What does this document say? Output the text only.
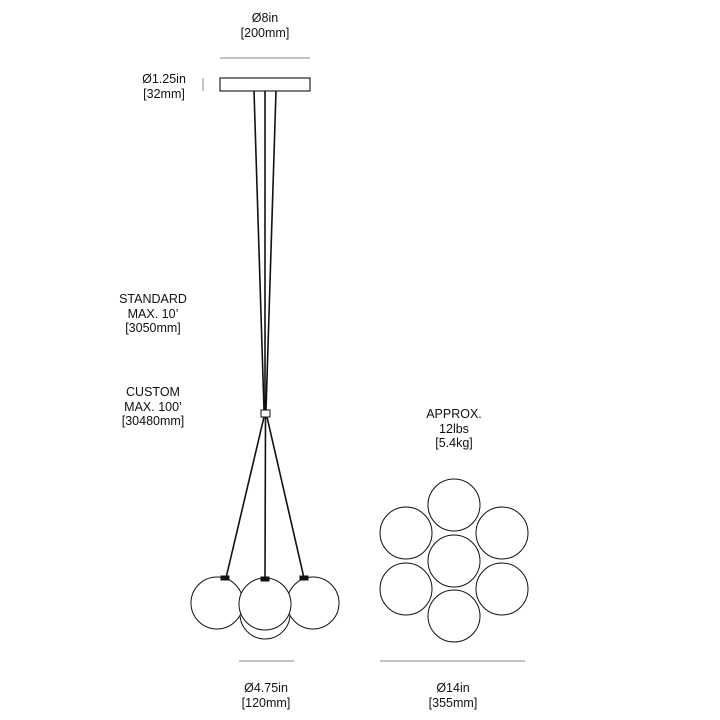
Ø8in
[200mm]
Ø1.25in
[32mm]
STANDARD
MAX. 10’
[3050mm]
CUSTOM
MAX. 100’
[30480mm]	APPROX.
12lbs
[5.4kg]
Ø4.75in
[120mm]
Ø14in
[355mm]
